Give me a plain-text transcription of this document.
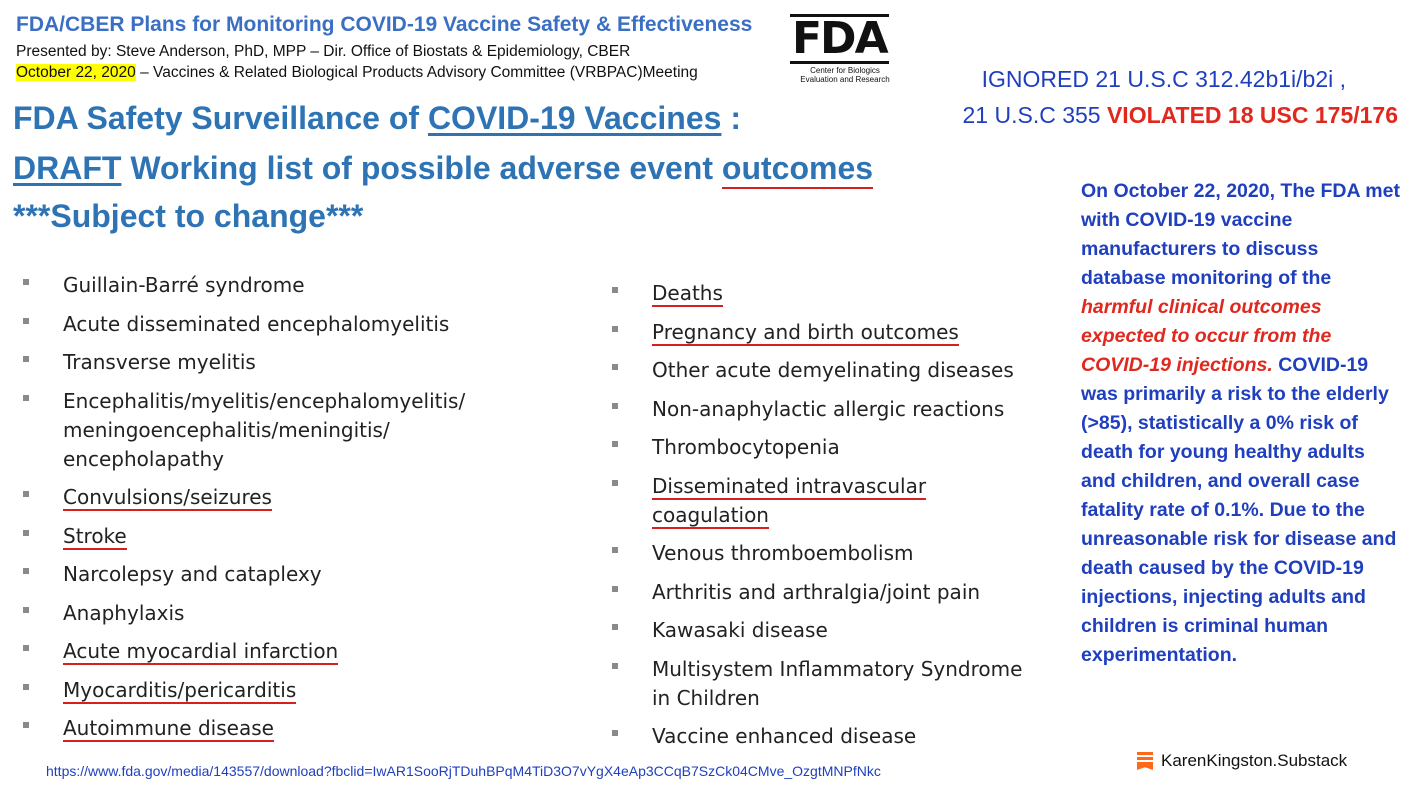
FDA/CBER Plans for Monitoring COVID-19 Vaccine Safety & Effectiveness
Presented by: Steve Anderson, PhD, MPP – Dir. Office of Biostats & Epidemiology, CBER
October 22, 2020 – Vaccines & Related Biological Products Advisory Committee (VRBPAC)Meeting
FDA
Center for Biologics
Evaluation and Research	IGNORED 21 U.S.C 312.42b1i/b2i ,
21 U.S.C 355 VIOLATED 18 USC 175/176
FDA Safety Surveillance of COVID-19 Vaccines :
DRAFT Working list of possible adverse event outcomes
***Subject to change***
Guillain-Barré syndrome
Acute disseminated encephalomyelitis
Transverse myelitis
Encephalitis/myelitis/encephalomyelitis/ meningoencephalitis/meningitis/ encepholapathy
Convulsions/seizures
Stroke
Narcolepsy and cataplexy
Anaphylaxis
Acute myocardial infarction
Myocarditis/pericarditis
Autoimmune disease
Deaths
Pregnancy and birth outcomes
Other acute demyelinating diseases
Non-anaphylactic allergic reactions
Thrombocytopenia
Disseminated intravascular coagulation
Venous thromboembolism
Arthritis and arthralgia/joint pain
Kawasaki disease
Multisystem Inflammatory Syndrome in Children
Vaccine enhanced disease
On October 22, 2020, The FDA met with COVID-19 vaccine manufacturers to discuss database monitoring of the harmful clinical outcomes expected to occur from the COVID-19 injections. COVID-19 was primarily a risk to the elderly (>85), statistically a 0% risk of death for young healthy adults and children, and overall case fatality rate of 0.1%. Due to the unreasonable risk for disease and death caused by the COVID-19 injections, injecting adults and children is criminal human experimentation.
https://www.fda.gov/media/143557/download?fbclid=IwAR1SooRjTDuhBPqM4TiD3O7vYgX4eAp3CCqB7SzCk04CMve_OzgtMNPfNkc
KarenKingston.Substack
